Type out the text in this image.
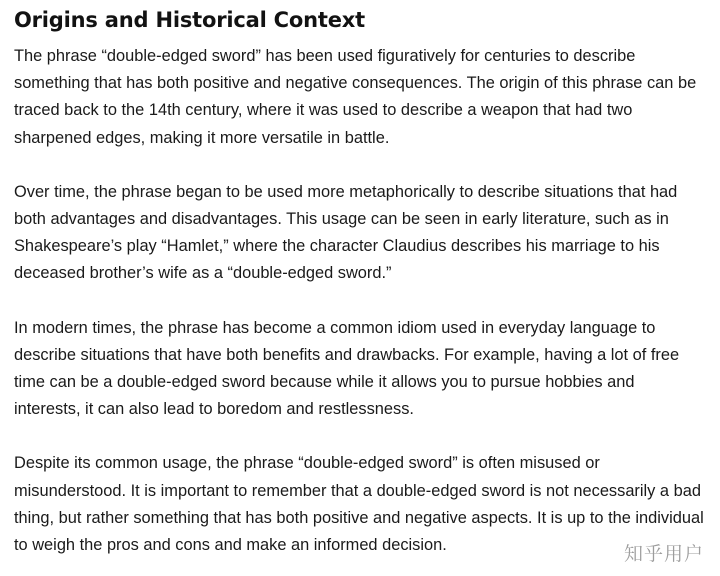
Origins and Historical Context

The phrase “double-edged sword” has been used figuratively for centuries to describe something that has both positive and negative consequences. The origin of this phrase can be traced back to the 14th century, where it was used to describe a weapon that had two sharpened edges, making it more versatile in battle.

Over time, the phrase began to be used more metaphorically to describe situations that had both advantages and disadvantages. This usage can be seen in early literature, such as in Shakespeare’s play “Hamlet,” where the character Claudius describes his marriage to his deceased brother’s wife as a “double-edged sword.”

In modern times, the phrase has become a common idiom used in everyday language to describe situations that have both benefits and drawbacks. For example, having a lot of free time can be a double-edged sword because while it allows you to pursue hobbies and interests, it can also lead to boredom and restlessness.

Despite its common usage, the phrase “double-edged sword” is often misused or misunderstood. It is important to remember that a double-edged sword is not necessarily a bad thing, but rather something that has both positive and negative aspects. It is up to the individual to weigh the pros and cons and make an informed decision.	知乎用户
